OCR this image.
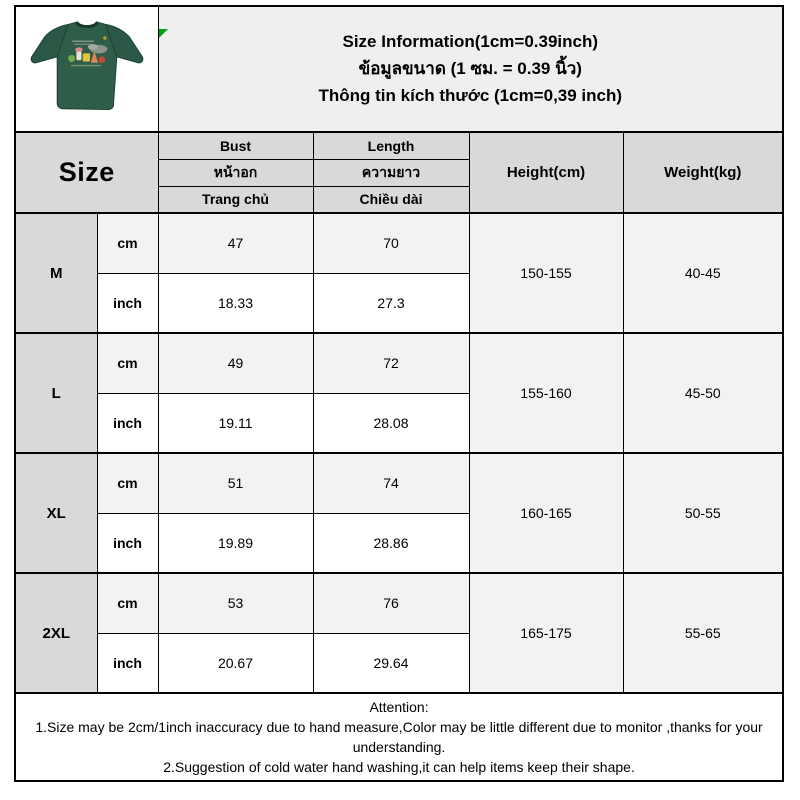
Size Information(1cm=0.39inch)
ข้อมูลขนาด (1 ซม. = 0.39 นิ้ว)
Thông tin kích thước (1cm=0,39 inch)			

Size		Bust	Length	Height(cm)	Weight(kg)
		หน้าอก	ความยาว		
		Trang chủ	Chiều dài		
M	cm	47	70	150-155	40-45
	inch	18.33	27.3		
L	cm	49	72	155-160	45-50
	inch	19.11	28.08		
XL	cm	51	74	160-165	50-55
	inch	19.89	28.86		
2XL	cm	53	76	165-175	55-65
	inch	20.67	29.64		

Attention:
1.Size may be 2cm/1inch inaccuracy due to hand measure,Color may be little different due to monitor ,thanks for your understanding.
2.Suggestion of cold water hand washing,it can help items keep their shape.					
